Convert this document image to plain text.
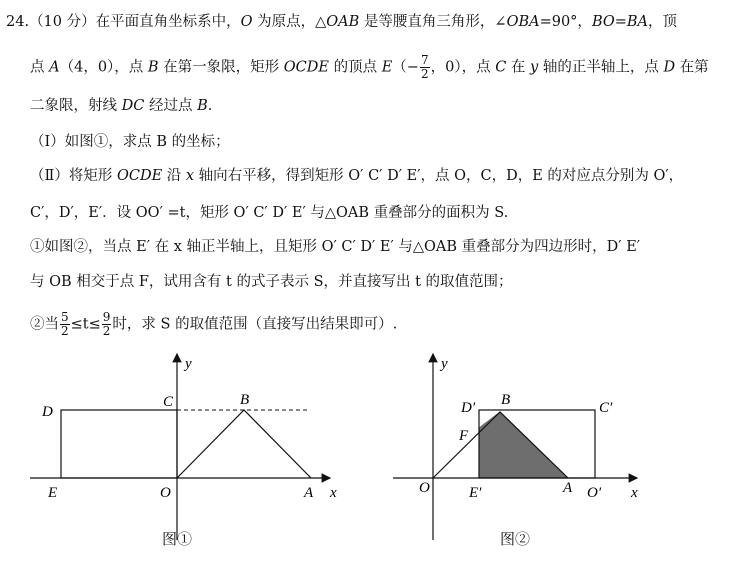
24.（10 分）在平面直角坐标系中，O 为原点，△OAB 是等腰直角三角形，∠OBA=90°，BO=BA，顶
点 A（4，0），点 B 在第一象限，矩形 OCDE 的顶点 $E(- \frac{7}{2}$ ，0），点 C 在 y 轴的正半轴上，点 D 在第
二象限，射线 DC 经过点 B.
（Ⅰ）如图①，求点 B 的坐标；
（Ⅱ）将矩形 OCDE 沿 x 轴向右平移，得到矩形 O′ C′ D′ E′，点 O，C，D，E 的对应点分别为 O′，
C′，D′，E′．设 OO′ =t，矩形 O′ C′ D′ E′ 与△OAB 重叠部分的面积为 S.
①如图②，当点 E′ 在 x 轴正半轴上，且矩形 O′ C′ D′ E′ 与△OAB 重叠部分为四边形时，D′ E′
与 OB 相交于点 F，试用含有 t 的式子表示 S，并直接写出 t 的取值范围；
②当 $\frac{5}{2} \le t\le \frac{9}{2}$ 时，求 S 的取值范围（直接写出结果即可）.
y
D
C	B
E	O	A x
图①
y
D′ B	C′
F
O	E′	A O′ x
图②
